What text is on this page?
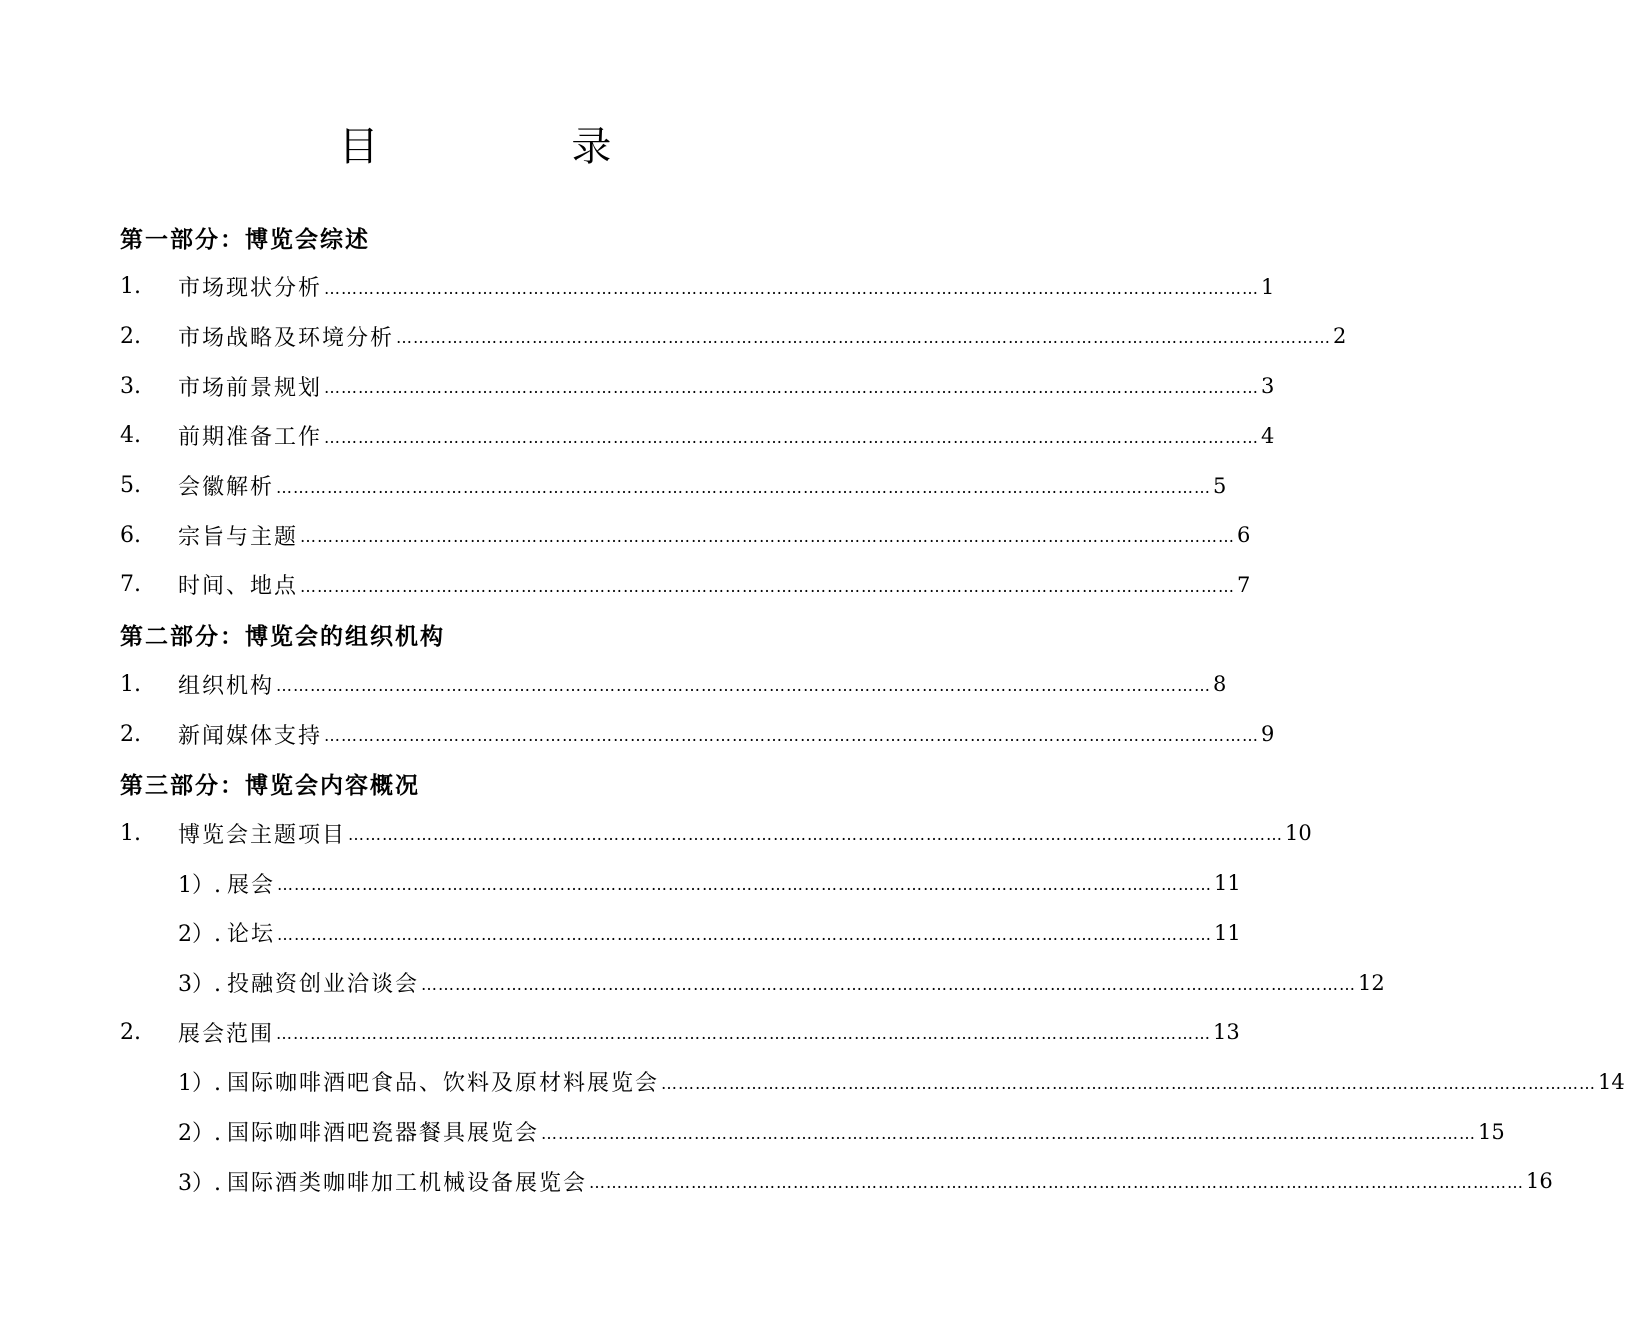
目 录
第一部分：博览会综述
1.	市场现状分析 ………………………………………………………………………………………………………………………………………………… 1
2.	市场战略及环境分析 ………………………………………………………………………………………………………………………………………………… 2
3.	市场前景规划 ………………………………………………………………………………………………………………………………………………… 3
4.	前期准备工作 ………………………………………………………………………………………………………………………………………………… 4
5.	会徽解析 ………………………………………………………………………………………………………………………………………………… 5
6.	宗旨与主题 ………………………………………………………………………………………………………………………………………………… 6
7.	时间、地点 ………………………………………………………………………………………………………………………………………………… 7
第二部分：博览会的组织机构
1.	组织机构 ………………………………………………………………………………………………………………………………………………… 8
2.	新闻媒体支持 ………………………………………………………………………………………………………………………………………………… 9
第三部分：博览会内容概况
1.	博览会主题项目 ………………………………………………………………………………………………………………………………………………… 10
1）. 展会 ………………………………………………………………………………………………………………………………………………… 11
2）. 论坛 ………………………………………………………………………………………………………………………………………………… 11
3）. 投融资创业洽谈会 ………………………………………………………………………………………………………………………………………………… 12
2.	展会范围 ………………………………………………………………………………………………………………………………………………… 13
1）. 国际咖啡酒吧食品、饮料及原材料展览会 ………………………………………………………………………………………………………………………………………………… 14
2）. 国际咖啡酒吧瓷器餐具展览会 ………………………………………………………………………………………………………………………………………………… 15
3）. 国际酒类咖啡加工机械设备展览会 ………………………………………………………………………………………………………………………………………………… 16
